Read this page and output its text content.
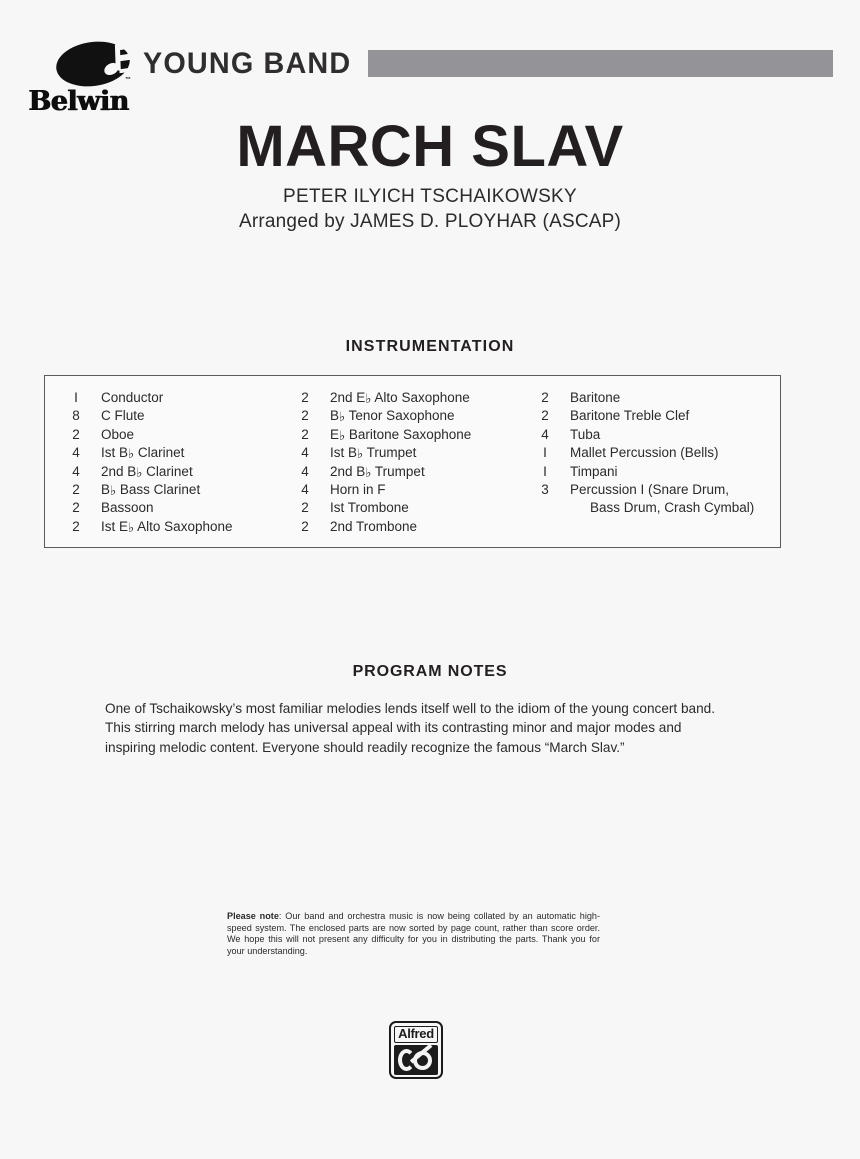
™
Belwin
YOUNG BAND
MARCH SLAV
PETER ILYICH TSCHAIKOWSKY
Arranged by JAMES D. PLOYHAR (ASCAP)
INSTRUMENTATION
I	Conductor
8	C Flute
2	Oboe
4	Ist B♭ Clarinet
4	2nd B♭ Clarinet
2	B♭ Bass Clarinet
2	Bassoon
2	Ist E♭ Alto Saxophone
2	2nd E♭ Alto Saxophone
2	B♭ Tenor Saxophone
2	E♭ Baritone Saxophone
4	Ist B♭ Trumpet
4	2nd B♭ Trumpet
4	Horn in F
2	Ist Trombone
2	2nd Trombone
2	Baritone
2	Baritone Treble Clef
4	Tuba
I	Mallet Percussion (Bells)
I	Timpani
3	Percussion I (Snare Drum,
Bass Drum, Crash Cymbal)
PROGRAM NOTES
One of Tschaikowsky’s most familiar melodies lends itself well to the idiom of the young concert band. This stirring march melody has universal appeal with its contrasting minor and major modes and inspiring melodic content. Everyone should readily recognize the famous “March Slav.”
Please note: Our band and orchestra music is now being collated by an automatic high-speed system. The enclosed parts are now sorted by page count, rather than score order. We hope this will not present any difficulty for you in distributing the parts. Thank you for your understanding.
Alfred
